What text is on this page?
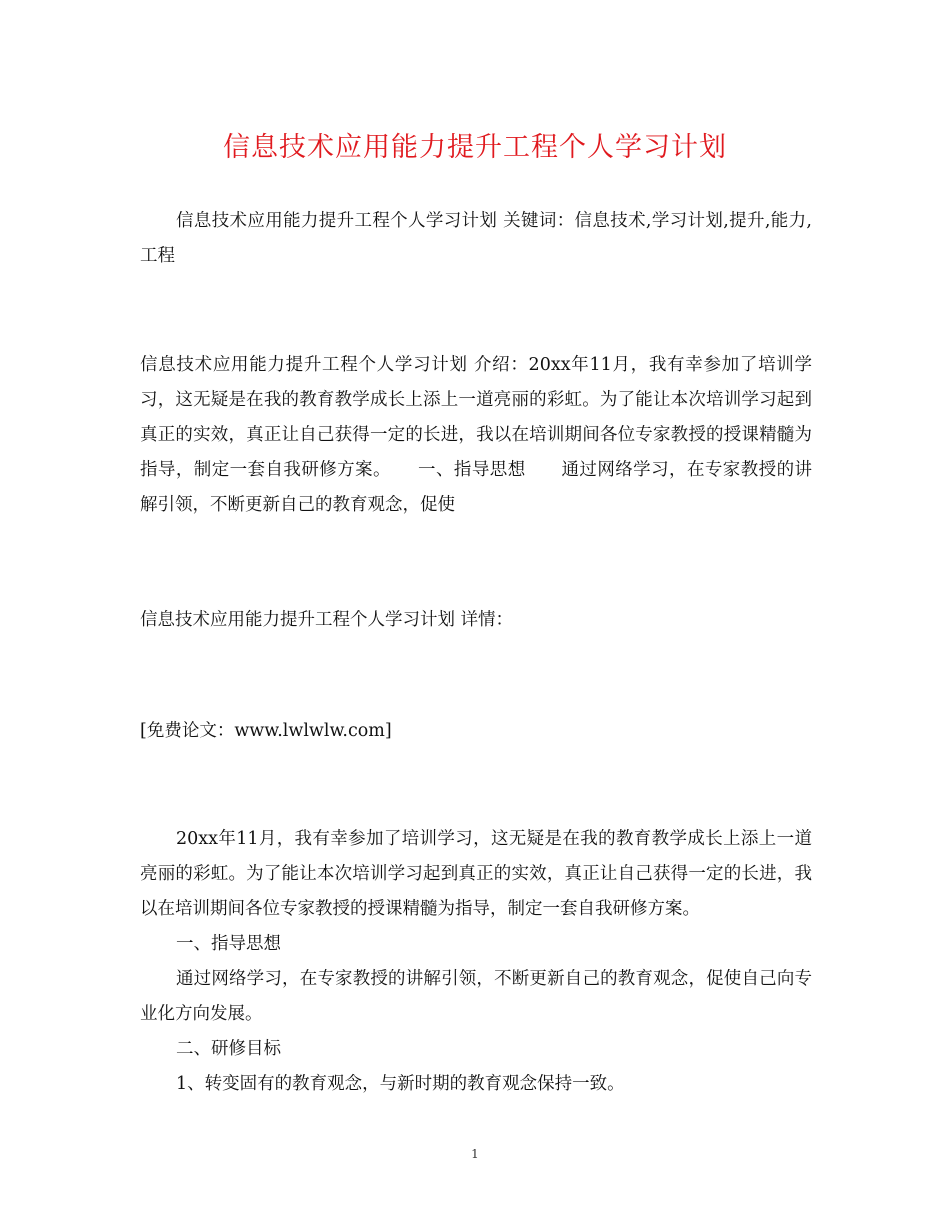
信息技术应用能力提升工程个人学习计划

信息技术应用能力提升工程个人学习计划 关键词：信息技术,学习计划,提升,能力,工程

信息技术应用能力提升工程个人学习计划 介绍：20xx年11月，我有幸参加了培训学习，这无疑是在我的教育教学成长上添上一道亮丽的彩虹。为了能让本次培训学习起到真正的实效，真正让自己获得一定的长进，我以在培训期间各位专家教授的授课精髓为指导，制定一套自我研修方案。　　一、指导思想　　通过网络学习，在专家教授的讲解引领，不断更新自己的教育观念，促使

信息技术应用能力提升工程个人学习计划 详情：

[免费论文：www.lwlwlw.com]

20xx年11月，我有幸参加了培训学习，这无疑是在我的教育教学成长上添上一道亮丽的彩虹。为了能让本次培训学习起到真正的实效，真正让自己获得一定的长进，我以在培训期间各位专家教授的授课精髓为指导，制定一套自我研修方案。

一、指导思想

通过网络学习，在专家教授的讲解引领，不断更新自己的教育观念，促使自己向专业化方向发展。

二、研修目标

1、转变固有的教育观念，与新时期的教育观念保持一致。

1
